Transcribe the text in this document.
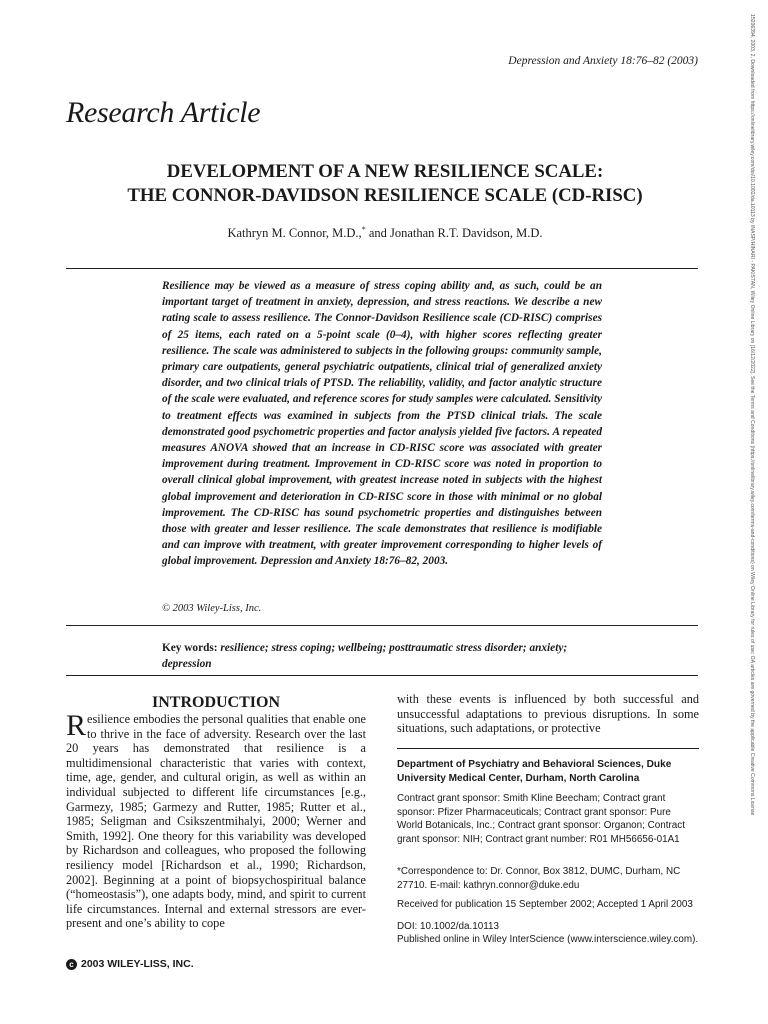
15206394, 2003, 2, Downloaded from https://onlinelibrary.wiley.com/doi/10.1002/da.10113 by INASP/HINARI - PAKISTAN, Wiley Online Library on [16/12/2022]. See the Terms and Conditions (https://onlinelibrary.wiley.com/terms-and-conditions) on Wiley Online Library for rules of use; OA articles are governed by the applicable Creative Commons License
Depression and Anxiety 18:76–82 (2003)
Research Article
DEVELOPMENT OF A NEW RESILIENCE SCALE:
THE CONNOR-DAVIDSON RESILIENCE SCALE (CD-RISC)
Kathryn M. Connor, M.D.,* and Jonathan R.T. Davidson, M.D.
Resilience may be viewed as a measure of stress coping ability and, as such, could be an important target of treatment in anxiety, depression, and stress reactions. We describe a new rating scale to assess resilience. The Connor-Davidson Resilience scale (CD-RISC) comprises of 25 items, each rated on a 5-point scale (0–4), with higher scores reflecting greater resilience. The scale was administered to subjects in the following groups: community sample, primary care outpatients, general psychiatric outpatients, clinical trial of generalized anxiety disorder, and two clinical trials of PTSD. The reliability, validity, and factor analytic structure of the scale were evaluated, and reference scores for study samples were calculated. Sensitivity to treatment effects was examined in subjects from the PTSD clinical trials. The scale demonstrated good psychometric properties and factor analysis yielded five factors. A repeated measures ANOVA showed that an increase in CD-RISC score was associated with greater improvement during treatment. Improvement in CD-RISC score was noted in proportion to overall clinical global improvement, with greatest increase noted in subjects with the highest global improvement and deterioration in CD-RISC score in those with minimal or no global improvement. The CD-RISC has sound psychometric properties and distinguishes between those with greater and lesser resilience. The scale demonstrates that resilience is modifiable and can improve with treatment, with greater improvement corresponding to higher levels of global improvement. Depression and Anxiety 18:76–82, 2003.
© 2003 Wiley-Liss, Inc.
Key words: resilience; stress coping; wellbeing; posttraumatic stress disorder; anxiety; depression
INTRODUCTION
Resilience embodies the personal qualities that enable one to thrive in the face of adversity. Research over the last 20 years has demonstrated that resilience is a multidimensional characteristic that varies with context, time, age, gender, and cultural origin, as well as within an individual subjected to different life circumstances [e.g., Garmezy, 1985; Garmezy and Rutter, 1985; Rutter et al., 1985; Seligman and Csikszentmihalyi, 2000; Werner and Smith, 1992]. One theory for this variability was developed by Richardson and colleagues, who proposed the following resiliency model [Richardson et al., 1990; Richardson, 2002]. Beginning at a point of biopsychospiritual balance (“homeostasis”), one adapts body, mind, and spirit to current life circumstances. Internal and external stressors are ever-present and one’s ability to cope
with these events is influenced by both successful and unsuccessful adaptations to previous disruptions. In some situations, such adaptations, or protective
Department of Psychiatry and Behavioral Sciences, Duke University Medical Center, Durham, North Carolina
Contract grant sponsor: Smith Kline Beecham; Contract grant sponsor: Pfizer Pharmaceuticals; Contract grant sponsor: Pure World Botanicals, Inc.; Contract grant sponsor: Organon; Contract grant sponsor: NIH; Contract grant number: R01 MH56656-01A1
*Correspondence to: Dr. Connor, Box 3812, DUMC, Durham, NC 27710. E-mail: kathryn.connor@duke.edu
Received for publication 15 September 2002; Accepted 1 April 2003
DOI: 10.1002/da.10113
Published online in Wiley InterScience (www.interscience.wiley.com).
c 2003 WILEY-LISS, INC.
